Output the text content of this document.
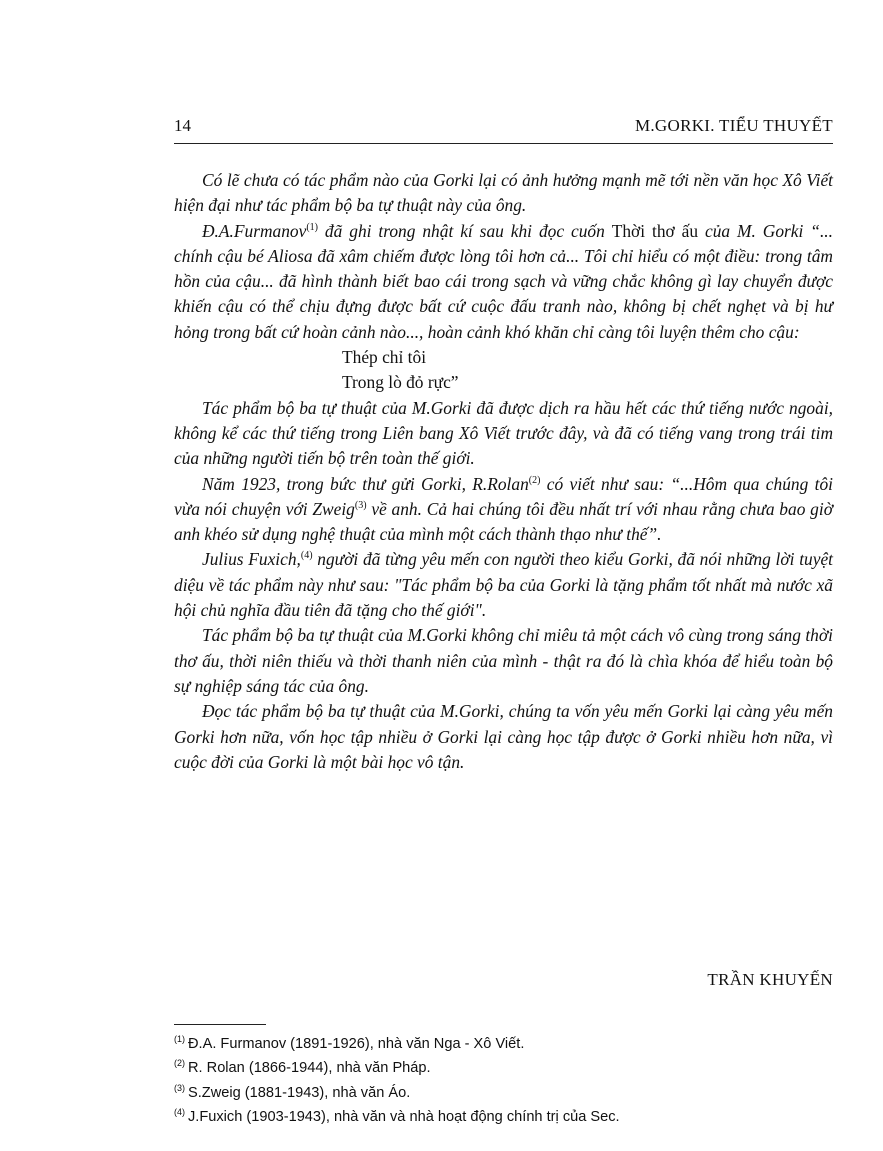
14	M.GORKI. TIỂU THUYẾT

Có lẽ chưa có tác phẩm nào của Gorki lại có ảnh hưởng mạnh mẽ tới nền văn học Xô Viết hiện đại như tác phẩm bộ ba tự thuật này của ông.

Đ.A.Furmanov$^{(1)}$ đã ghi trong nhật kí sau khi đọc cuốn Thời thơ ấu của M. Gorki “... chính cậu bé Aliosa đã xâm chiếm được lòng tôi hơn cả... Tôi chỉ hiểu có một điều: trong tâm hồn của cậu... đã hình thành biết bao cái trong sạch và vững chắc không gì lay chuyển được khiến cậu có thể chịu đựng được bất cứ cuộc đấu tranh nào, không bị chết nghẹt và bị hư hỏng trong bất cứ hoàn cảnh nào..., hoàn cảnh khó khăn chỉ càng tôi luyện thêm cho cậu:

Thép chỉ tôi

Trong lò đỏ rực”

Tác phẩm bộ ba tự thuật của M.Gorki đã được dịch ra hầu hết các thứ tiếng nước ngoài, không kể các thứ tiếng trong Liên bang Xô Viết trước đây, và đã có tiếng vang trong trái tim của những người tiến bộ trên toàn thế giới.

Năm 1923, trong bức thư gửi Gorki, R.Rolan$^{(2)}$ có viết như sau: “...Hôm qua chúng tôi vừa nói chuyện với Zweig$^{(3)}$ về anh. Cả hai chúng tôi đều nhất trí với nhau rằng chưa bao giờ anh khéo sử dụng nghệ thuật của mình một cách thành thạo như thế”.

Julius Fuxich,$^{(4)}$ người đã từng yêu mến con người theo kiểu Gorki, đã nói những lời tuyệt diệu về tác phẩm này như sau: "Tác phẩm bộ ba của Gorki là tặng phẩm tốt nhất mà nước xã hội chủ nghĩa đầu tiên đã tặng cho thế giới".

Tác phẩm bộ ba tự thuật của M.Gorki không chỉ miêu tả một cách vô cùng trong sáng thời thơ ấu, thời niên thiếu và thời thanh niên của mình - thật ra đó là chìa khóa để hiểu toàn bộ sự nghiệp sáng tác của ông.

Đọc tác phẩm bộ ba tự thuật của M.Gorki, chúng ta vốn yêu mến Gorki lại càng yêu mến Gorki hơn nữa, vốn học tập nhiều ở Gorki lại càng học tập được ở Gorki nhiều hơn nữa, vì cuộc đời của Gorki là một bài học vô tận.

TRẦN KHUYẾN
$^{(1)}$ Đ.A. Furmanov (1891-1926), nhà văn Nga - Xô Viết.
$^{(2)}$ R. Rolan (1866-1944), nhà văn Pháp.
$^{(3)}$ S.Zweig (1881-1943), nhà văn Áo.
$^{(4)}$ J.Fuxich (1903-1943), nhà văn và nhà hoạt động chính trị của Sec.
